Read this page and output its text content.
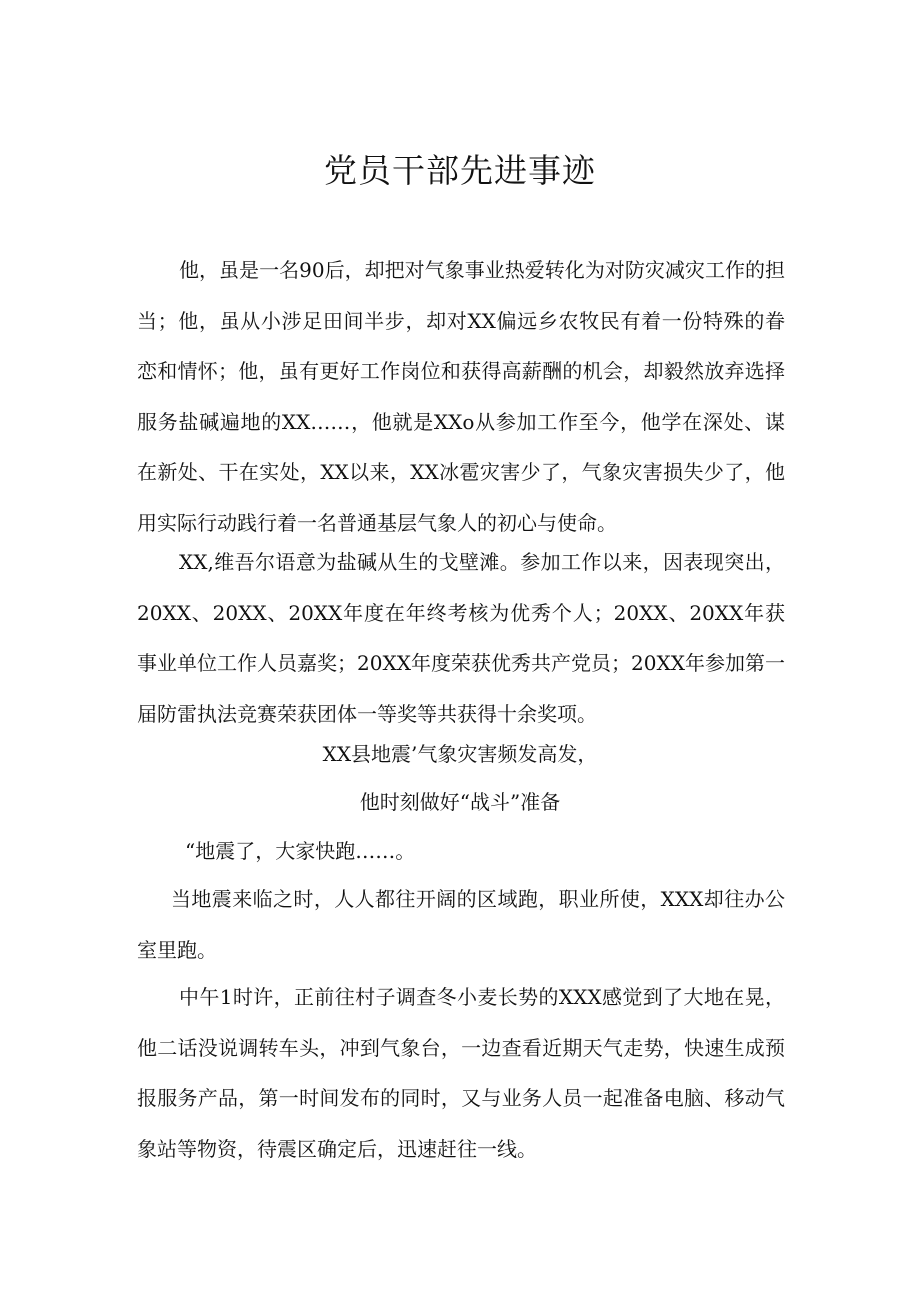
党员干部先进事迹

他，虽是一名90后，却把对气象事业热爱转化为对防灾减灾工作的担当；他，虽从小涉足田间半步，却对XX偏远乡农牧民有着一份特殊的眷恋和情怀；他，虽有更好工作岗位和获得高薪酬的机会，却毅然放弃选择服务盐碱遍地的XX……，他就是XXo从参加工作至今，他学在深处、谋在新处、干在实处，XX以来，XX冰雹灾害少了，气象灾害损失少了，他用实际行动践行着一名普通基层气象人的初心与使命。

XX,维吾尔语意为盐碱从生的戈壁滩。参加工作以来，因表现突出，20XX、20XX、20XX年度在年终考核为优秀个人；20XX、20XX年获事业单位工作人员嘉奖；20XX年度荣获优秀共产党员；20XX年参加第一届防雷执法竞赛荣获团体一等奖等共获得十余奖项。

XX县地震’气象灾害频发高发，

他时刻做好“战斗”准备

“地震了，大家快跑……。

当地震来临之时，人人都往开阔的区域跑，职业所使，XXX却往办公室里跑。

中午1时许，正前往村子调查冬小麦长势的XXX感觉到了大地在晃，他二话没说调转车头，冲到气象台，一边查看近期天气走势，快速生成预报服务产品，第一时间发布的同时，又与业务人员一起准备电脑、移动气象站等物资，待震区确定后，迅速赶往一线。
